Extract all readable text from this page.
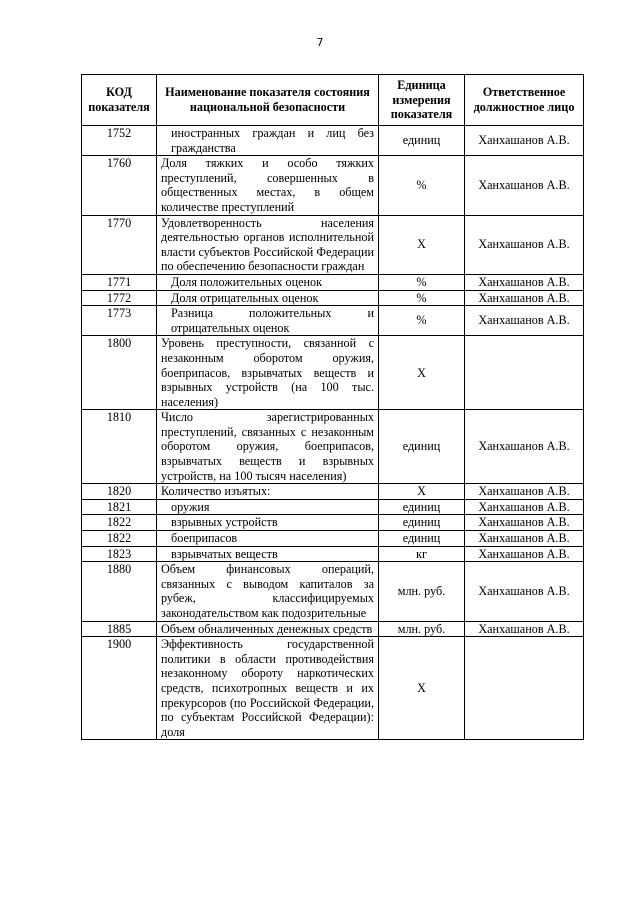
7
КОД показателя	Наименование показателя состояния национальной безопасности	Единица измерения показателя	Ответственное должностное лицо
1752	иностранных граждан и лиц без гражданства	единиц	Ханхашанов А.В.
1760	Доля тяжких и особо тяжких преступлений, совершенных в общественных местах, в общем количестве преступлений	%	Ханхашанов А.В.
1770	Удовлетворенность населения деятельностью органов исполнительной власти субъектов Российской Федерации по обеспечению безопасности граждан	Х	Ханхашанов А.В.
1771	Доля положительных оценок	%	Ханхашанов А.В.
1772	Доля отрицательных оценок	%	Ханхашанов А.В.
1773	Разница положительных и отрицательных оценок	%	Ханхашанов А.В.
1800	Уровень преступности, связанной с незаконным оборотом оружия, боеприпасов, взрывчатых веществ и взрывных устройств (на 100 тыс. населения)	Х	
1810	Число зарегистрированных преступлений, связанных с незаконным оборотом оружия, боеприпасов, взрывчатых веществ и взрывных устройств, на 100 тысяч населения)	единиц	Ханхашанов А.В.
1820	Количество изъятых:	Х	Ханхашанов А.В.
1821	оружия	единиц	Ханхашанов А.В.
1822	взрывных устройств	единиц	Ханхашанов А.В.
1822	боеприпасов	единиц	Ханхашанов А.В.
1823	взрывчатых веществ	кг	Ханхашанов А.В.
1880	Объем финансовых операций, связанных с выводом капиталов за рубеж, классифицируемых законодательством как подозрительные	млн. руб.	Ханхашанов А.В.
1885	Объем обналиченных денежных средств	млн. руб.	Ханхашанов А.В.
1900	Эффективность государственной политики в области противодействия незаконному обороту наркотических средств, психотропных веществ и их прекурсоров (по Российской Федерации, по субъектам Российской Федерации): доля	Х	
